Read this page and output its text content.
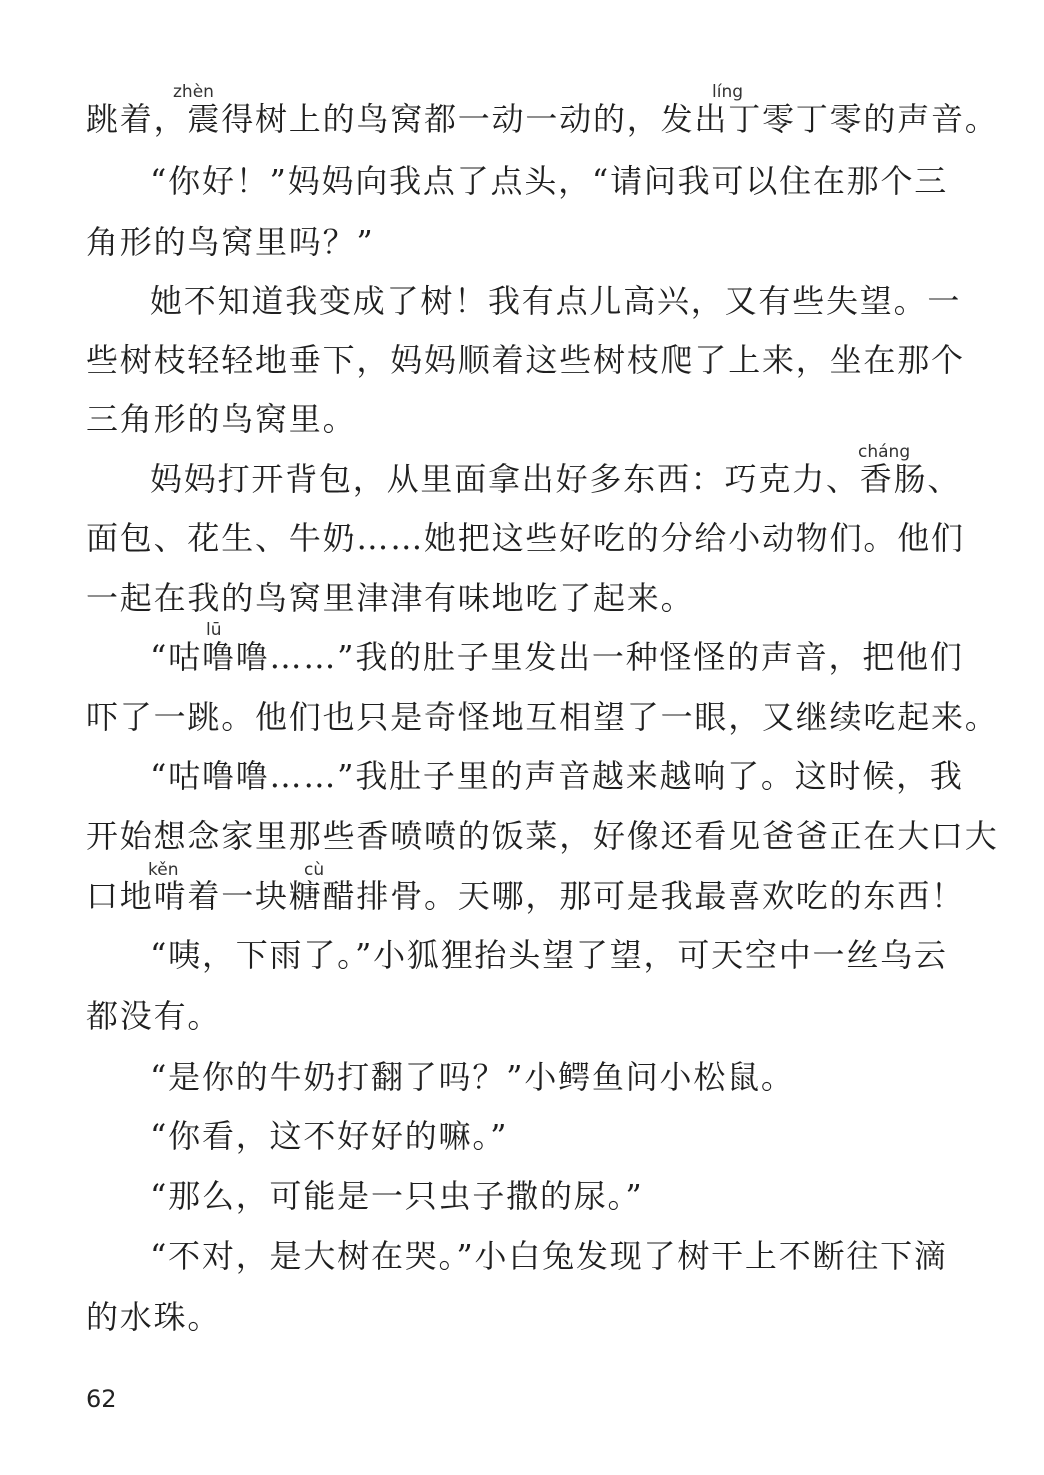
zhèn	líng
cháng
lū
kěn	cù
跳着，震得树上的鸟窝都一动一动的，发出丁零丁零的声音。
“你好！”妈妈向我点了点头，“请问我可以住在那个三
角形的鸟窝里吗？”
她不知道我变成了树！我有点儿高兴，又有些失望。一
些树枝轻轻地垂下，妈妈顺着这些树枝爬了上来，坐在那个
三角形的鸟窝里。
妈妈打开背包，从里面拿出好多东西：巧克力、香肠、
面包、花生、牛奶……她把这些好吃的分给小动物们。他们
一起在我的鸟窝里津津有味地吃了起来。
“咕噜噜……”我的肚子里发出一种怪怪的声音，把他们
吓了一跳。他们也只是奇怪地互相望了一眼，又继续吃起来。
“咕噜噜……”我肚子里的声音越来越响了。这时候，我
开始想念家里那些香喷喷的饭菜，好像还看见爸爸正在大口大
口地啃着一块糖醋排骨。天哪，那可是我最喜欢吃的东西！
“咦，下雨了。”小狐狸抬头望了望，可天空中一丝乌云
都没有。
“是你的牛奶打翻了吗？”小鳄鱼问小松鼠。
“你看，这不好好的嘛。”
“那么，可能是一只虫子撒的尿。”
“不对，是大树在哭。”小白兔发现了树干上不断往下滴
的水珠。
62
